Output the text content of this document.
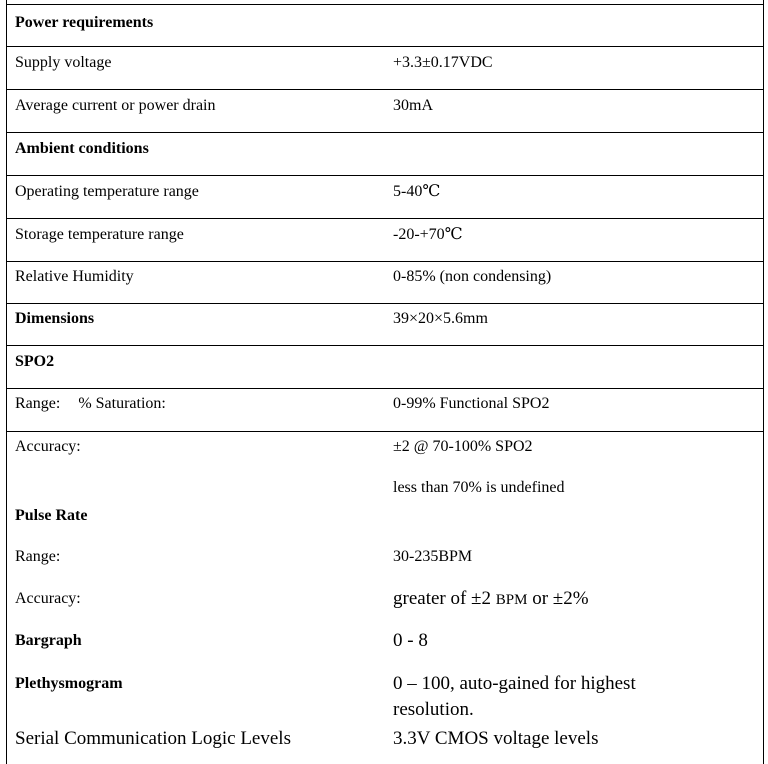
Power requirements
Supply voltage	+3.3±0.17VDC
Average current or power drain	30mA
Ambient conditions
Operating temperature range	5-40℃
Storage temperature range	-20-+70℃
Relative Humidity	0-85% (non condensing)
Dimensions	39×20×5.6mm
SPO2
Range: % Saturation:	0-99% Functional SPO2
Accuracy:	±2 @ 70-100% SPO2
less than 70% is undefined
Pulse Rate
Range:	30-235BPM
Accuracy:	greater of ±2 BPM or ±2%
Bargraph	0 - 8
Plethysmogram	0 – 100, auto-gained for highest
resolution.
Serial Communication Logic Levels	3.3V CMOS voltage levels
